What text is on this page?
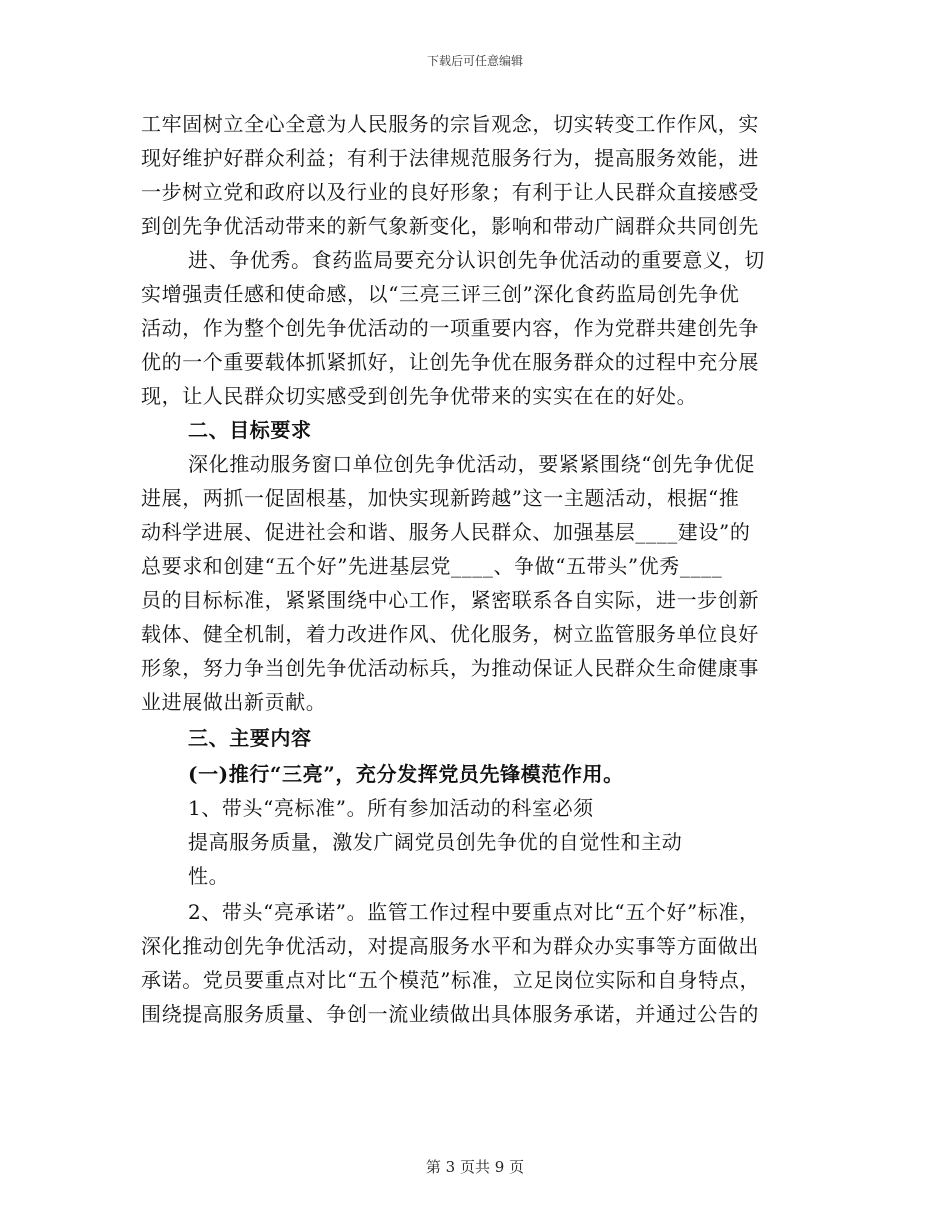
下载后可任意编辑
工牢固树立全心全意为人民服务的宗旨观念，切实转变工作作风，实
现好维护好群众利益；有利于法律规范服务行为，提高服务效能，进
一步树立党和政府以及行业的良好形象；有利于让人民群众直接感受
到创先争优活动带来的新气象新变化，影响和带动广阔群众共同创先
进、争优秀。食药监局要充分认识创先争优活动的重要意义，切
实增强责任感和使命感，以“三亮三评三创”深化食药监局创先争优
活动，作为整个创先争优活动的一项重要内容，作为党群共建创先争
优的一个重要载体抓紧抓好，让创先争优在服务群众的过程中充分展
现，让人民群众切实感受到创先争优带来的实实在在的好处。
二、目标要求
深化推动服务窗口单位创先争优活动，要紧紧围绕“创先争优促
进展，两抓一促固根基，加快实现新跨越”这一主题活动，根据“推
动科学进展、促进社会和谐、服务人民群众、加强基层____建设”的
总要求和创建“五个好”先进基层党____、争做“五带头”优秀____
员的目标标准，紧紧围绕中心工作，紧密联系各自实际，进一步创新
载体、健全机制，着力改进作风、优化服务，树立监管服务单位良好
形象，努力争当创先争优活动标兵，为推动保证人民群众生命健康事
业进展做出新贡献。
三、主要内容
(一)推行“三亮”，充分发挥党员先锋模范作用。
1、带头“亮标准”。所有参加活动的科室必须
提高服务质量，激发广阔党员创先争优的自觉性和主动
性。
2、带头“亮承诺”。监管工作过程中要重点对比“五个好”标准，
深化推动创先争优活动，对提高服务水平和为群众办实事等方面做出
承诺。党员要重点对比“五个模范”标准，立足岗位实际和自身特点，
围绕提高服务质量、争创一流业绩做出具体服务承诺，并通过公告的
第 3 页共 9 页
